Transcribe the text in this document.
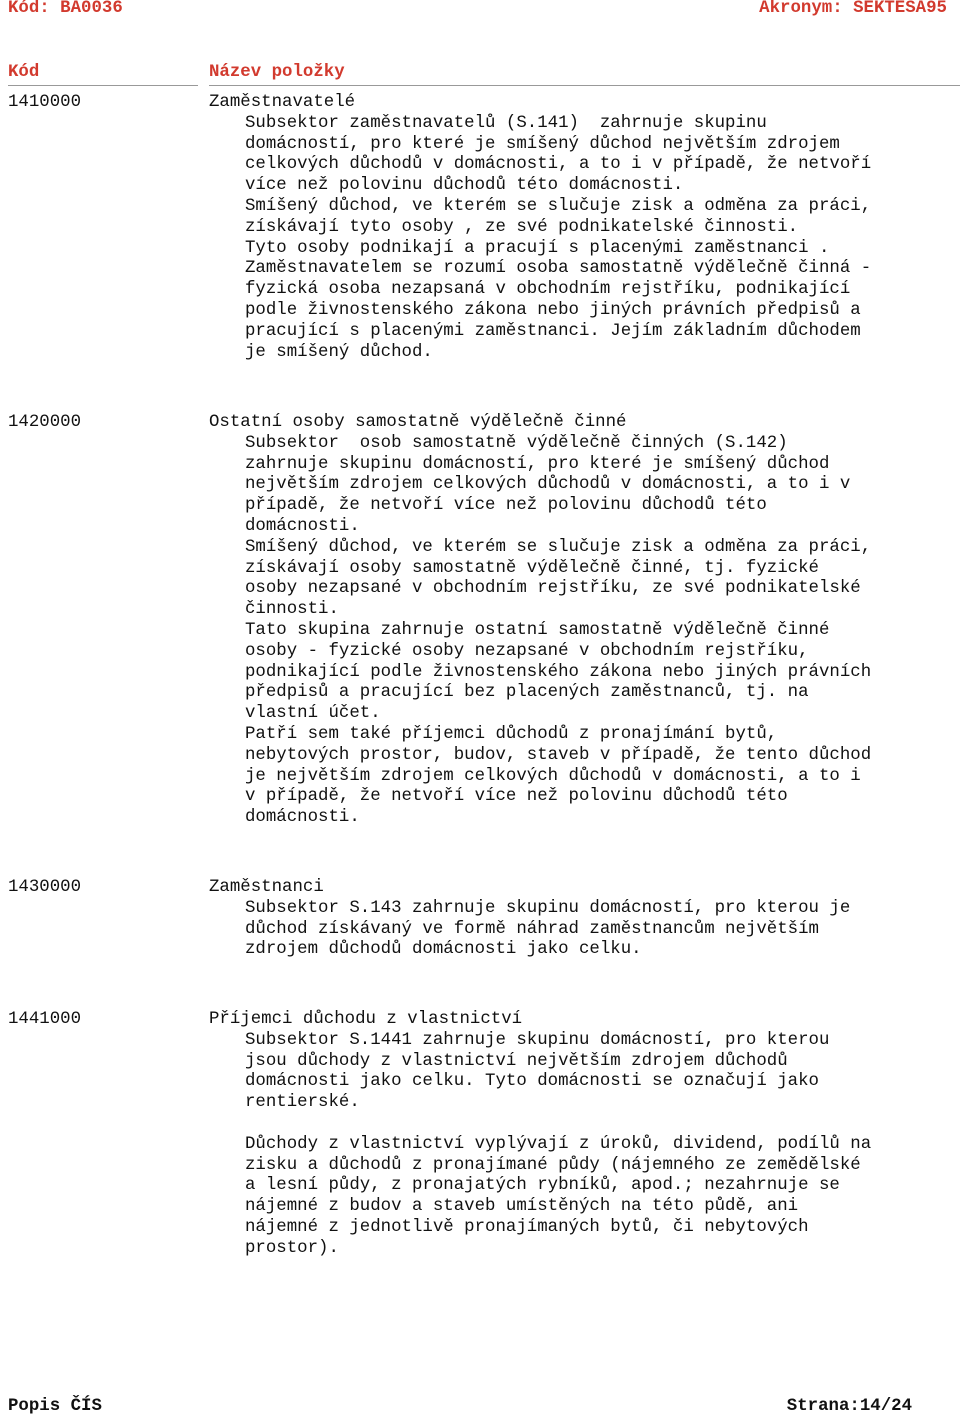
Kód: BA0036	Akronym: SEKTESA95
Kód	Název položky
1410000	Zaměstnavatelé

Subsektor zaměstnavatelů (S.141)  zahrnuje skupinu

domácností, pro které je smíšený důchod největším zdrojem

celkových důchodů v domácnosti, a to i v případě, že netvoří

více než polovinu důchodů této domácnosti.

Smíšený důchod, ve kterém se slučuje zisk a odměna za práci,

získávají tyto osoby , ze své podnikatelské činnosti.

Tyto osoby podnikají a pracují s placenými zaměstnanci .

Zaměstnavatelem se rozumí osoba samostatně výdělečně činná -

fyzická osoba nezapsaná v obchodním rejstříku, podnikající

podle živnostenského zákona nebo jiných právních předpisů a

pracující s placenými zaměstnanci. Jejím základním důchodem

je smíšený důchod.

1420000	Ostatní osoby samostatně výdělečně činné

Subsektor  osob samostatně výdělečně činných (S.142)

zahrnuje skupinu domácností, pro které je smíšený důchod

největším zdrojem celkových důchodů v domácnosti, a to i v

případě, že netvoří více než polovinu důchodů této

domácnosti.

Smíšený důchod, ve kterém se slučuje zisk a odměna za práci,

získávají osoby samostatně výdělečně činné, tj. fyzické

osoby nezapsané v obchodním rejstříku, ze své podnikatelské

činnosti.

Tato skupina zahrnuje ostatní samostatně výdělečně činné

osoby - fyzické osoby nezapsané v obchodním rejstříku,

podnikající podle živnostenského zákona nebo jiných právních

předpisů a pracující bez placených zaměstnanců, tj. na

vlastní účet.

Patří sem také příjemci důchodů z pronajímání bytů,

nebytových prostor, budov, staveb v případě, že tento důchod

je největším zdrojem celkových důchodů v domácnosti, a to i

v případě, že netvoří více než polovinu důchodů této

domácnosti.

1430000	Zaměstnanci

Subsektor S.143 zahrnuje skupinu domácností, pro kterou je

důchod získávaný ve formě náhrad zaměstnancům největším

zdrojem důchodů domácnosti jako celku.

1441000	Příjemci důchodu z vlastnictví

Subsektor S.1441 zahrnuje skupinu domácností, pro kterou

jsou důchody z vlastnictví největším zdrojem důchodů

domácnosti jako celku. Tyto domácnosti se označují jako

rentierské.

Důchody z vlastnictví vyplývají z úroků, dividend, podílů na

zisku a důchodů z pronajímané půdy (nájemného ze zemědělské

a lesní půdy, z pronajatých rybníků, apod.; nezahrnuje se

nájemné z budov a staveb umístěných na této půdě, ani

nájemné z jednotlivě pronajímaných bytů, či nebytových

prostor).

Popis ČÍS	Strana:14/24
